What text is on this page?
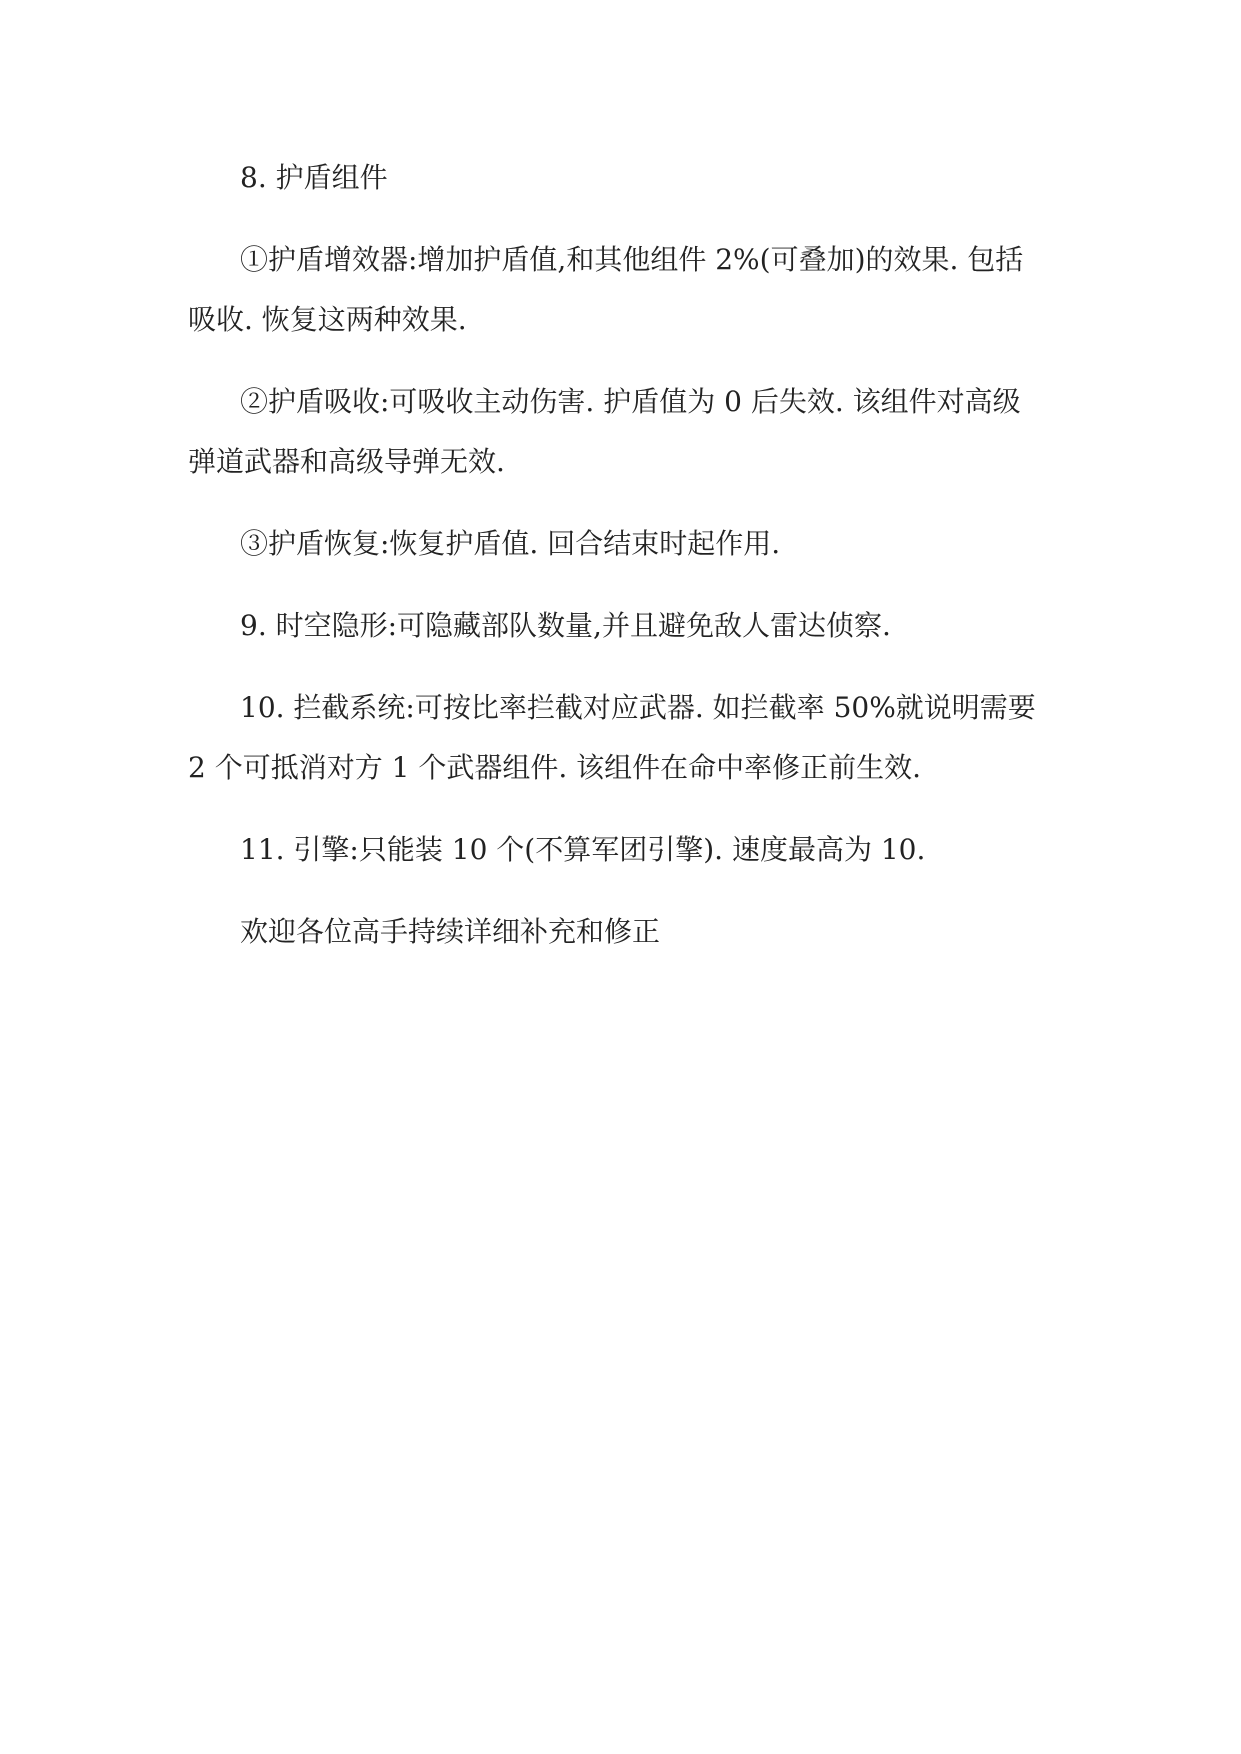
8. 护盾组件

①护盾增效器:增加护盾值,和其他组件 2%(可叠加)的效果. 包括
吸收. 恢复这两种效果.

②护盾吸收:可吸收主动伤害. 护盾值为 0 后失效. 该组件对高级
弹道武器和高级导弹无效.

③护盾恢复:恢复护盾值. 回合结束时起作用.

9. 时空隐形:可隐藏部队数量,并且避免敌人雷达侦察.

10. 拦截系统:可按比率拦截对应武器. 如拦截率 50%就说明需要
2 个可抵消对方 1 个武器组件. 该组件在命中率修正前生效.

11. 引擎:只能装 10 个(不算军团引擎). 速度最高为 10.

欢迎各位高手持续详细补充和修正
